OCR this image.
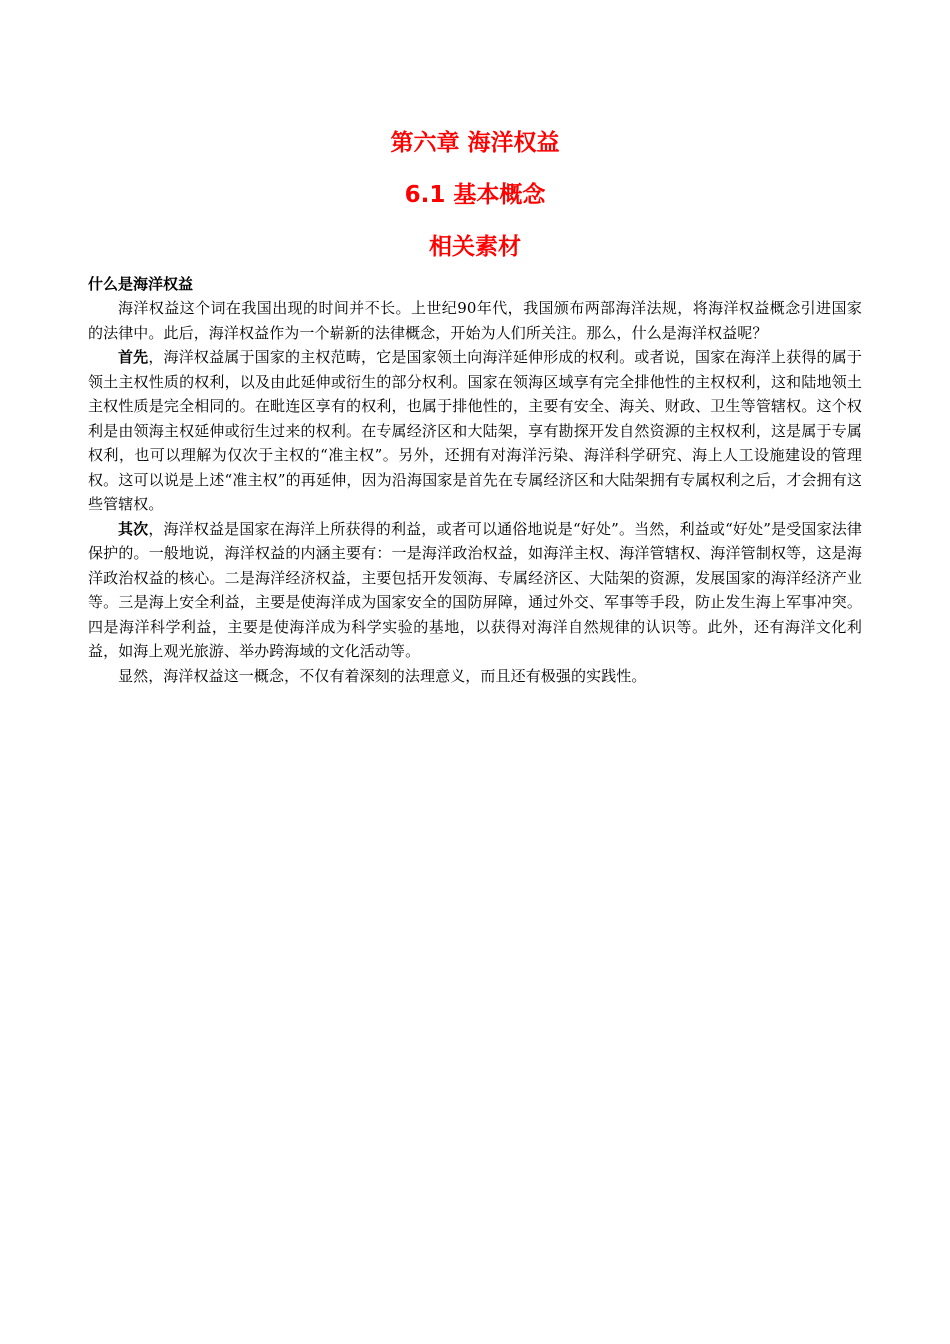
第六章 海洋权益
6.1 基本概念
相关素材
什么是海洋权益

海洋权益这个词在我国出现的时间并不长。上世纪90年代，我国颁布两部海洋法规，将海洋权益概念引进国家的法律中。此后，海洋权益作为一个崭新的法律概念，开始为人们所关注。那么，什么是海洋权益呢？

首先，海洋权益属于国家的主权范畴，它是国家领土向海洋延伸形成的权利。或者说，国家在海洋上获得的属于领土主权性质的权利，以及由此延伸或衍生的部分权利。国家在领海区域享有完全排他性的主权权利，这和陆地领土主权性质是完全相同的。在毗连区享有的权利，也属于排他性的，主要有安全、海关、财政、卫生等管辖权。这个权利是由领海主权延伸或衍生过来的权利。在专属经济区和大陆架，享有勘探开发自然资源的主权权利，这是属于专属权利，也可以理解为仅次于主权的“准主权”。另外，还拥有对海洋污染、海洋科学研究、海上人工设施建设的管理权。这可以说是上述“准主权”的再延伸，因为沿海国家是首先在专属经济区和大陆架拥有专属权利之后，才会拥有这些管辖权。

其次，海洋权益是国家在海洋上所获得的利益，或者可以通俗地说是“好处”。当然，利益或“好处”是受国家法律保护的。一般地说，海洋权益的内涵主要有：一是海洋政治权益，如海洋主权、海洋管辖权、海洋管制权等，这是海洋政治权益的核心。二是海洋经济权益，主要包括开发领海、专属经济区、大陆架的资源，发展国家的海洋经济产业等。三是海上安全利益，主要是使海洋成为国家安全的国防屏障，通过外交、军事等手段，防止发生海上军事冲突。四是海洋科学利益，主要是使海洋成为科学实验的基地，以获得对海洋自然规律的认识等。此外，还有海洋文化利益，如海上观光旅游、举办跨海域的文化活动等。

显然，海洋权益这一概念，不仅有着深刻的法理意义，而且还有极强的实践性。
